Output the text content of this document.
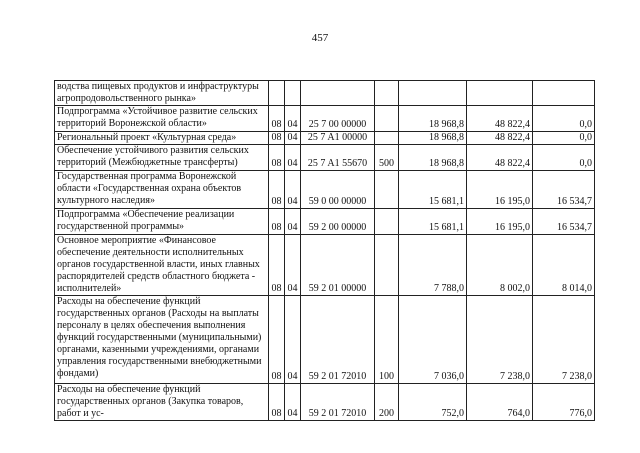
457
водства пищевых продуктов и инфраструктуры агропродовольственного рынка»							
Подпрограмма «Устойчивое развитие сельских территорий Воронежской области»	08	04	25 7 00 00000		18 968,8	48 822,4	0,0
Региональный проект «Культурная среда»	08	04	25 7 A1 00000		18 968,8	48 822,4	0,0
Обеспечение устойчивого развития сельских территорий (Межбюджетные трансферты)	08	04	25 7 A1 55670	500	18 968,8	48 822,4	0,0
Государственная программа Воронежской области «Государственная охрана объектов культурного наследия»	08	04	59 0 00 00000		15 681,1	16 195,0	16 534,7
Подпрограмма «Обеспечение реализации государственной программы»	08	04	59 2 00 00000		15 681,1	16 195,0	16 534,7
Основное мероприятие «Финансовое обеспечение деятельности исполнительных органов государственной власти, иных главных распорядителей средств областного бюджета - исполнителей»	08	04	59 2 01 00000		7 788,0	8 002,0	8 014,0
Расходы на обеспечение функций государственных органов (Расходы на выплаты персоналу в целях обеспечения выполнения функций государственными (муниципальными) органами, казенными учреждениями, органами управления государственными внебюджетными фондами)	08	04	59 2 01 72010	100	7 036,0	7 238,0	7 238,0
Расходы на обеспечение функций государственных органов (Закупка товаров, работ и ус-	08	04	59 2 01 72010	200	752,0	764,0	776,0
